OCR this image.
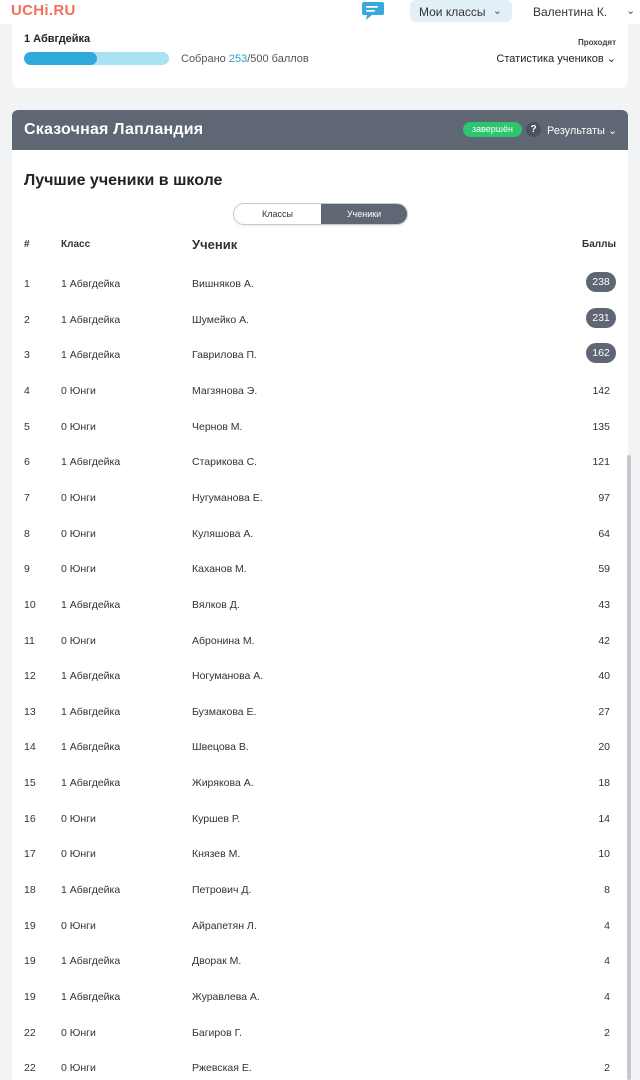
UCHi.RU	Мои классы ⌄	Валентина К. ⌄
1 Абвгдейка
Собрано 253/500 баллов
Проходят
Статистика учеников ⌄
Сказочная Лапландия	завершён	? Результаты ⌄
Лучшие ученики в школе
Классы	Ученики
#	Класс	Ученик	Баллы
1	1 Абвгдейка	Вишняков А.	238
2	1 Абвгдейка	Шумейко А.	231
3	1 Абвгдейка	Гаврилова П.	162
4	0 Юнги	Магзянова Э.	142
5	0 Юнги	Чернов М.	135
6	1 Абвгдейка	Старикова С.	121
7	0 Юнги	Нугуманова Е.	97
8	0 Юнги	Куляшова А.	64
9	0 Юнги	Каханов М.	59
10 1 Абвгдейка	Вялков Д.	43
11 0 Юнги	Абронина М.	42
12 1 Абвгдейка	Ногуманова А.	40
13 1 Абвгдейка	Бузмакова Е.	27
14 1 Абвгдейка	Швецова В.	20
15 1 Абвгдейка	Жирякова А.	18
16 0 Юнги	Куршев Р.	14
17 0 Юнги	Князев М.	10
18 1 Абвгдейка	Петрович Д.	8
19 0 Юнги	Айрапетян Л.	4
19 1 Абвгдейка	Дворак М.	4
19 1 Абвгдейка	Журавлева А.	4
22 0 Юнги	Багиров Г.	2
22 0 Юнги	Ржевская Е.	2
